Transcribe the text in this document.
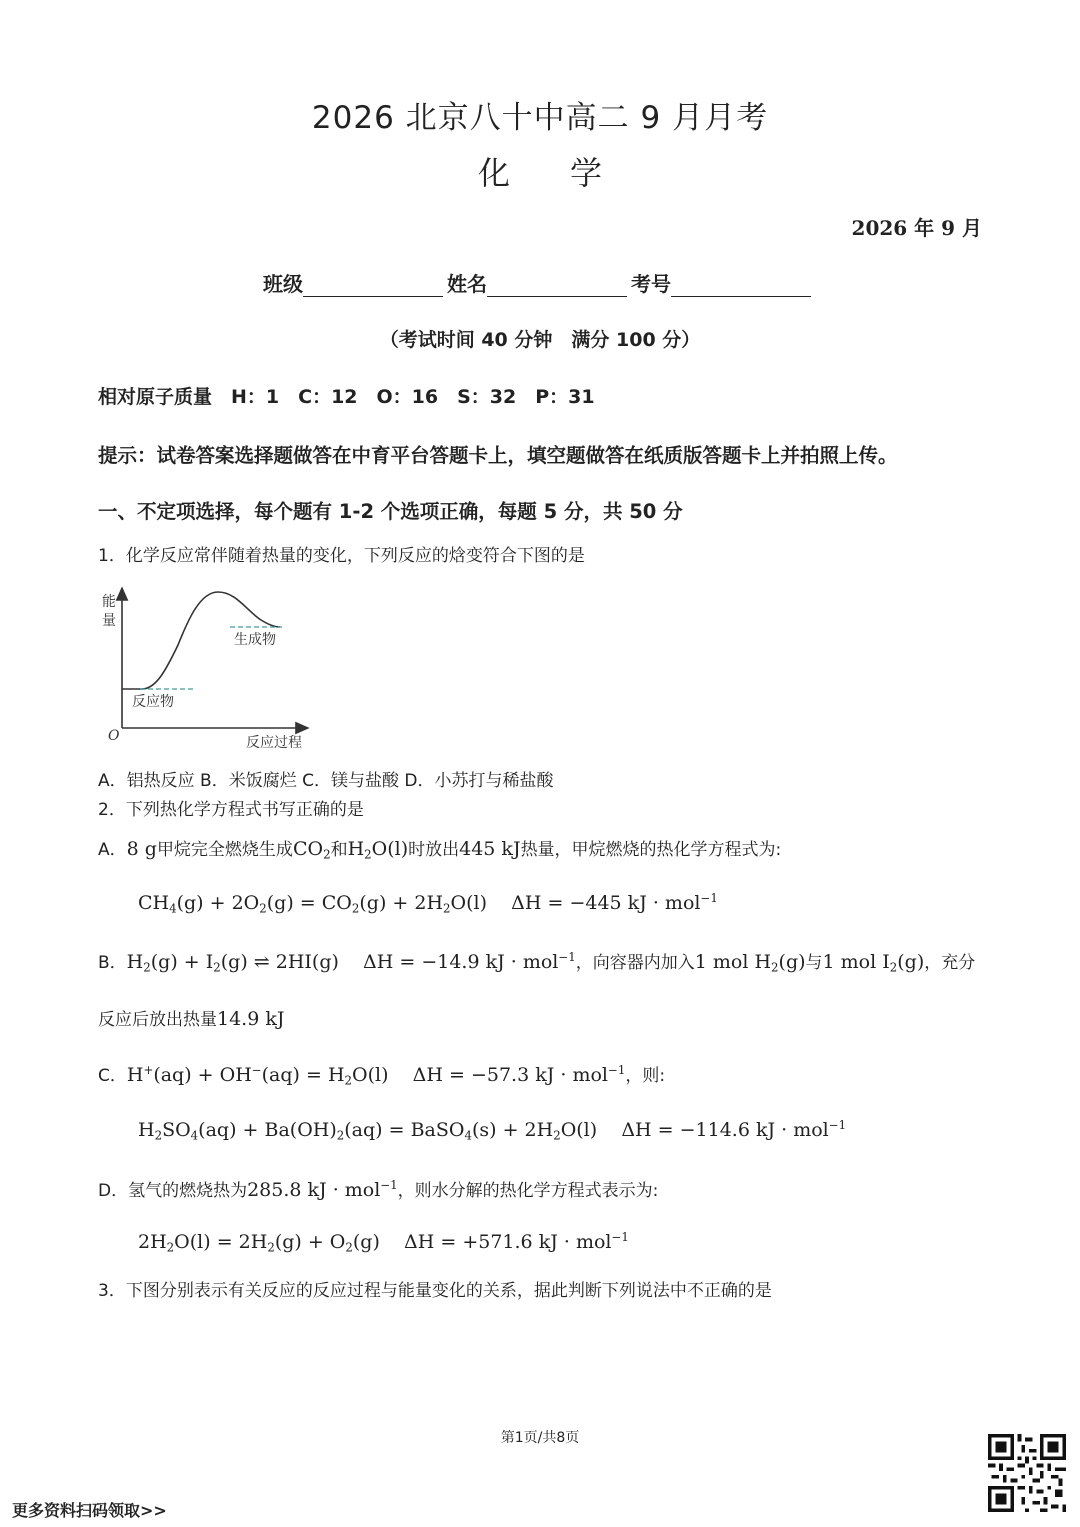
2026 北京八十中高二 9 月月考
化学
2026 年 9 月
班级	姓名	考号
（考试时间 40 分钟　满分 100 分）
相对原子质量　H：1　C：12　O：16　S：32　P：31
提示：试卷答案选择题做答在中育平台答题卡上，填空题做答在纸质版答题卡上并拍照上传。
一、不定项选择，每个题有 1-2 个选项正确，每题 5 分，共 50 分
1．化学反应常伴随着热量的变化，下列反应的焓变符合下图的是
能
量
O	反应过程
反应物
生成物
A．铝热反应 B．米饭腐烂 C．镁与盐酸 D．小苏打与稀盐酸
2．下列热化学方程式书写正确的是
A．8 g甲烷完全燃烧生成$CO_2$和$H_2O(l)$时放出445 kJ热量，甲烷燃烧的热化学方程式为:
$CH_4(g) + 2O_2(g) = CO_2(g) + 2H_2O(l)$    ΔH = −445 kJ · mol$^{-1}$
B．$H_2(g) + I_2(g)$ ⇌ 2HI(g)    ΔH = −14.9 kJ · mol$^{-1}$，向容器内加入1 mol $H_2(g)$与1 mol $I_2(g)$，充分
反应后放出热量14.9 kJ
C．$H^+(aq) + OH^-(aq) = H_2O(l)$    ΔH = −57.3 kJ · mol$^{-1}$，则:
$H_2SO_4(aq) + Ba(OH)_2(aq)$ = BaSO$_4$(s) + $2H_2O(l)$    ΔH = −114.6 kJ · mol$^{-1}$
D．氢气的燃烧热为285.8 kJ · mol$^{-1}$，则水分解的热化学方程式表示为:
$2H_2O(l) = 2H_2(g) + O_2(g)$    ΔH = +571.6 kJ · mol$^{-1}$
3．下图分别表示有关反应的反应过程与能量变化的关系，据此判断下列说法中不正确的是
第1页/共8页
更多资料扫码领取>>
